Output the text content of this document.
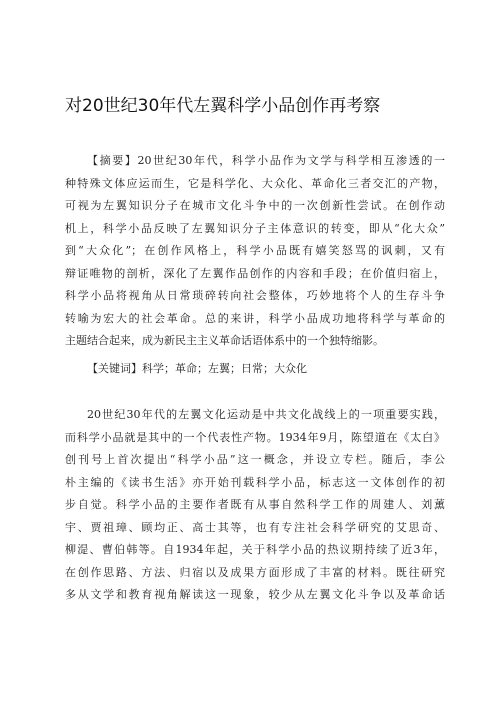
对20世纪30年代左翼科学小品创作再考察
【摘要】20世纪30年代，科学小品作为文学与科学相互渗透的一
种特殊文体应运而生，它是科学化、大众化、革命化三者交汇的产物，
可视为左翼知识分子在城市文化斗争中的一次创新性尝试。在创作动
机上，科学小品反映了左翼知识分子主体意识的转变，即从“化大众”
到“大众化”；在创作风格上，科学小品既有嬉笑怒骂的讽刺，又有
辩证唯物的剖析，深化了左翼作品创作的内容和手段；在价值归宿上，
科学小品将视角从日常琐碎转向社会整体，巧妙地将个人的生存斗争
转喻为宏大的社会革命。总的来讲，科学小品成功地将科学与革命的
主题结合起来，成为新民主主义革命话语体系中的一个独特缩影。
【关键词】科学；革命；左翼；日常；大众化
20世纪30年代的左翼文化运动是中共文化战线上的一项重要实践，
而科学小品就是其中的一个代表性产物。1934年9月，陈望道在《太白》
创刊号上首次提出“科学小品”这一概念，并设立专栏。随后，李公
朴主编的《读书生活》亦开始刊载科学小品，标志这一文体创作的初
步自觉。科学小品的主要作者既有从事自然科学工作的周建人、刘薰
宇、贾祖璋、顾均正、高士其等，也有专注社会科学研究的艾思奇、
柳湜、曹伯韩等。自1934年起，关于科学小品的热议期持续了近3年，
在创作思路、方法、归宿以及成果方面形成了丰富的材料。既往研究
多从文学和教育视角解读这一现象，较少从左翼文化斗争以及革命话
